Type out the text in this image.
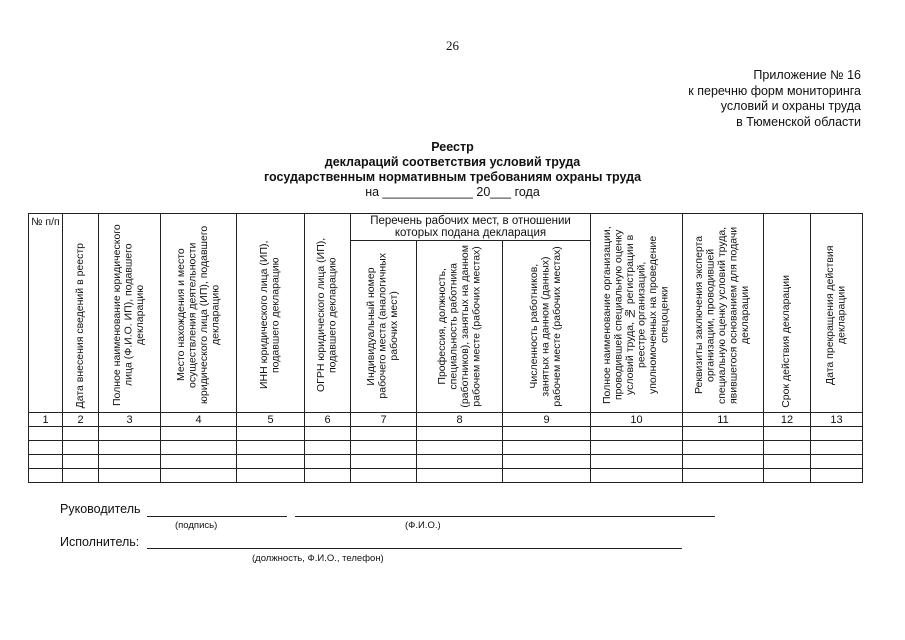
26
Приложение № 16
к перечню форм мониторинга
условий и охраны труда
в Тюменской области
Реестр
деклараций соответствия условий труда
государственным нормативным требованиям охраны труда
на _____________ 20___ года
№ п/п	Дата внесения сведений в реестр	Полное наименование юридического лица (Ф.И.О. ИП), подавшего декларацию	Место нахождения и место осуществления деятельности юридического лица (ИП), подавшего декларацию	ИНН юридического лица (ИП), подавшего декларацию	ОГРН юридического лица (ИП), подавшего декларацию	Перечень рабочих мест, в отношении которых подана декларация			Полное наименование организации, проводившей специальную оценку условий труда, № регистрации в реестре организаций, уполномоченных на проведение спецоценки	Реквизиты заключения эксперта организации, проводившей специальную оценку условий труда, явившегося основанием для подачи декларации	Срок действия декларации	Дата прекращения действия декларации

						Индивидуальный номер рабочего места (аналогичных рабочих мест)	Профессия, должность, специальность работника (работников), занятых на данном рабочем месте (рабочих местах)	Численность работников, занятых на данном (данных) рабочем месте (рабочих местах)				

1	2	3	4	5	6	7	8	9	10	11	12	13

Руководитель
(подпись)	(Ф.И.О.)
Исполнитель:
(должность, Ф.И.О., телефон)
